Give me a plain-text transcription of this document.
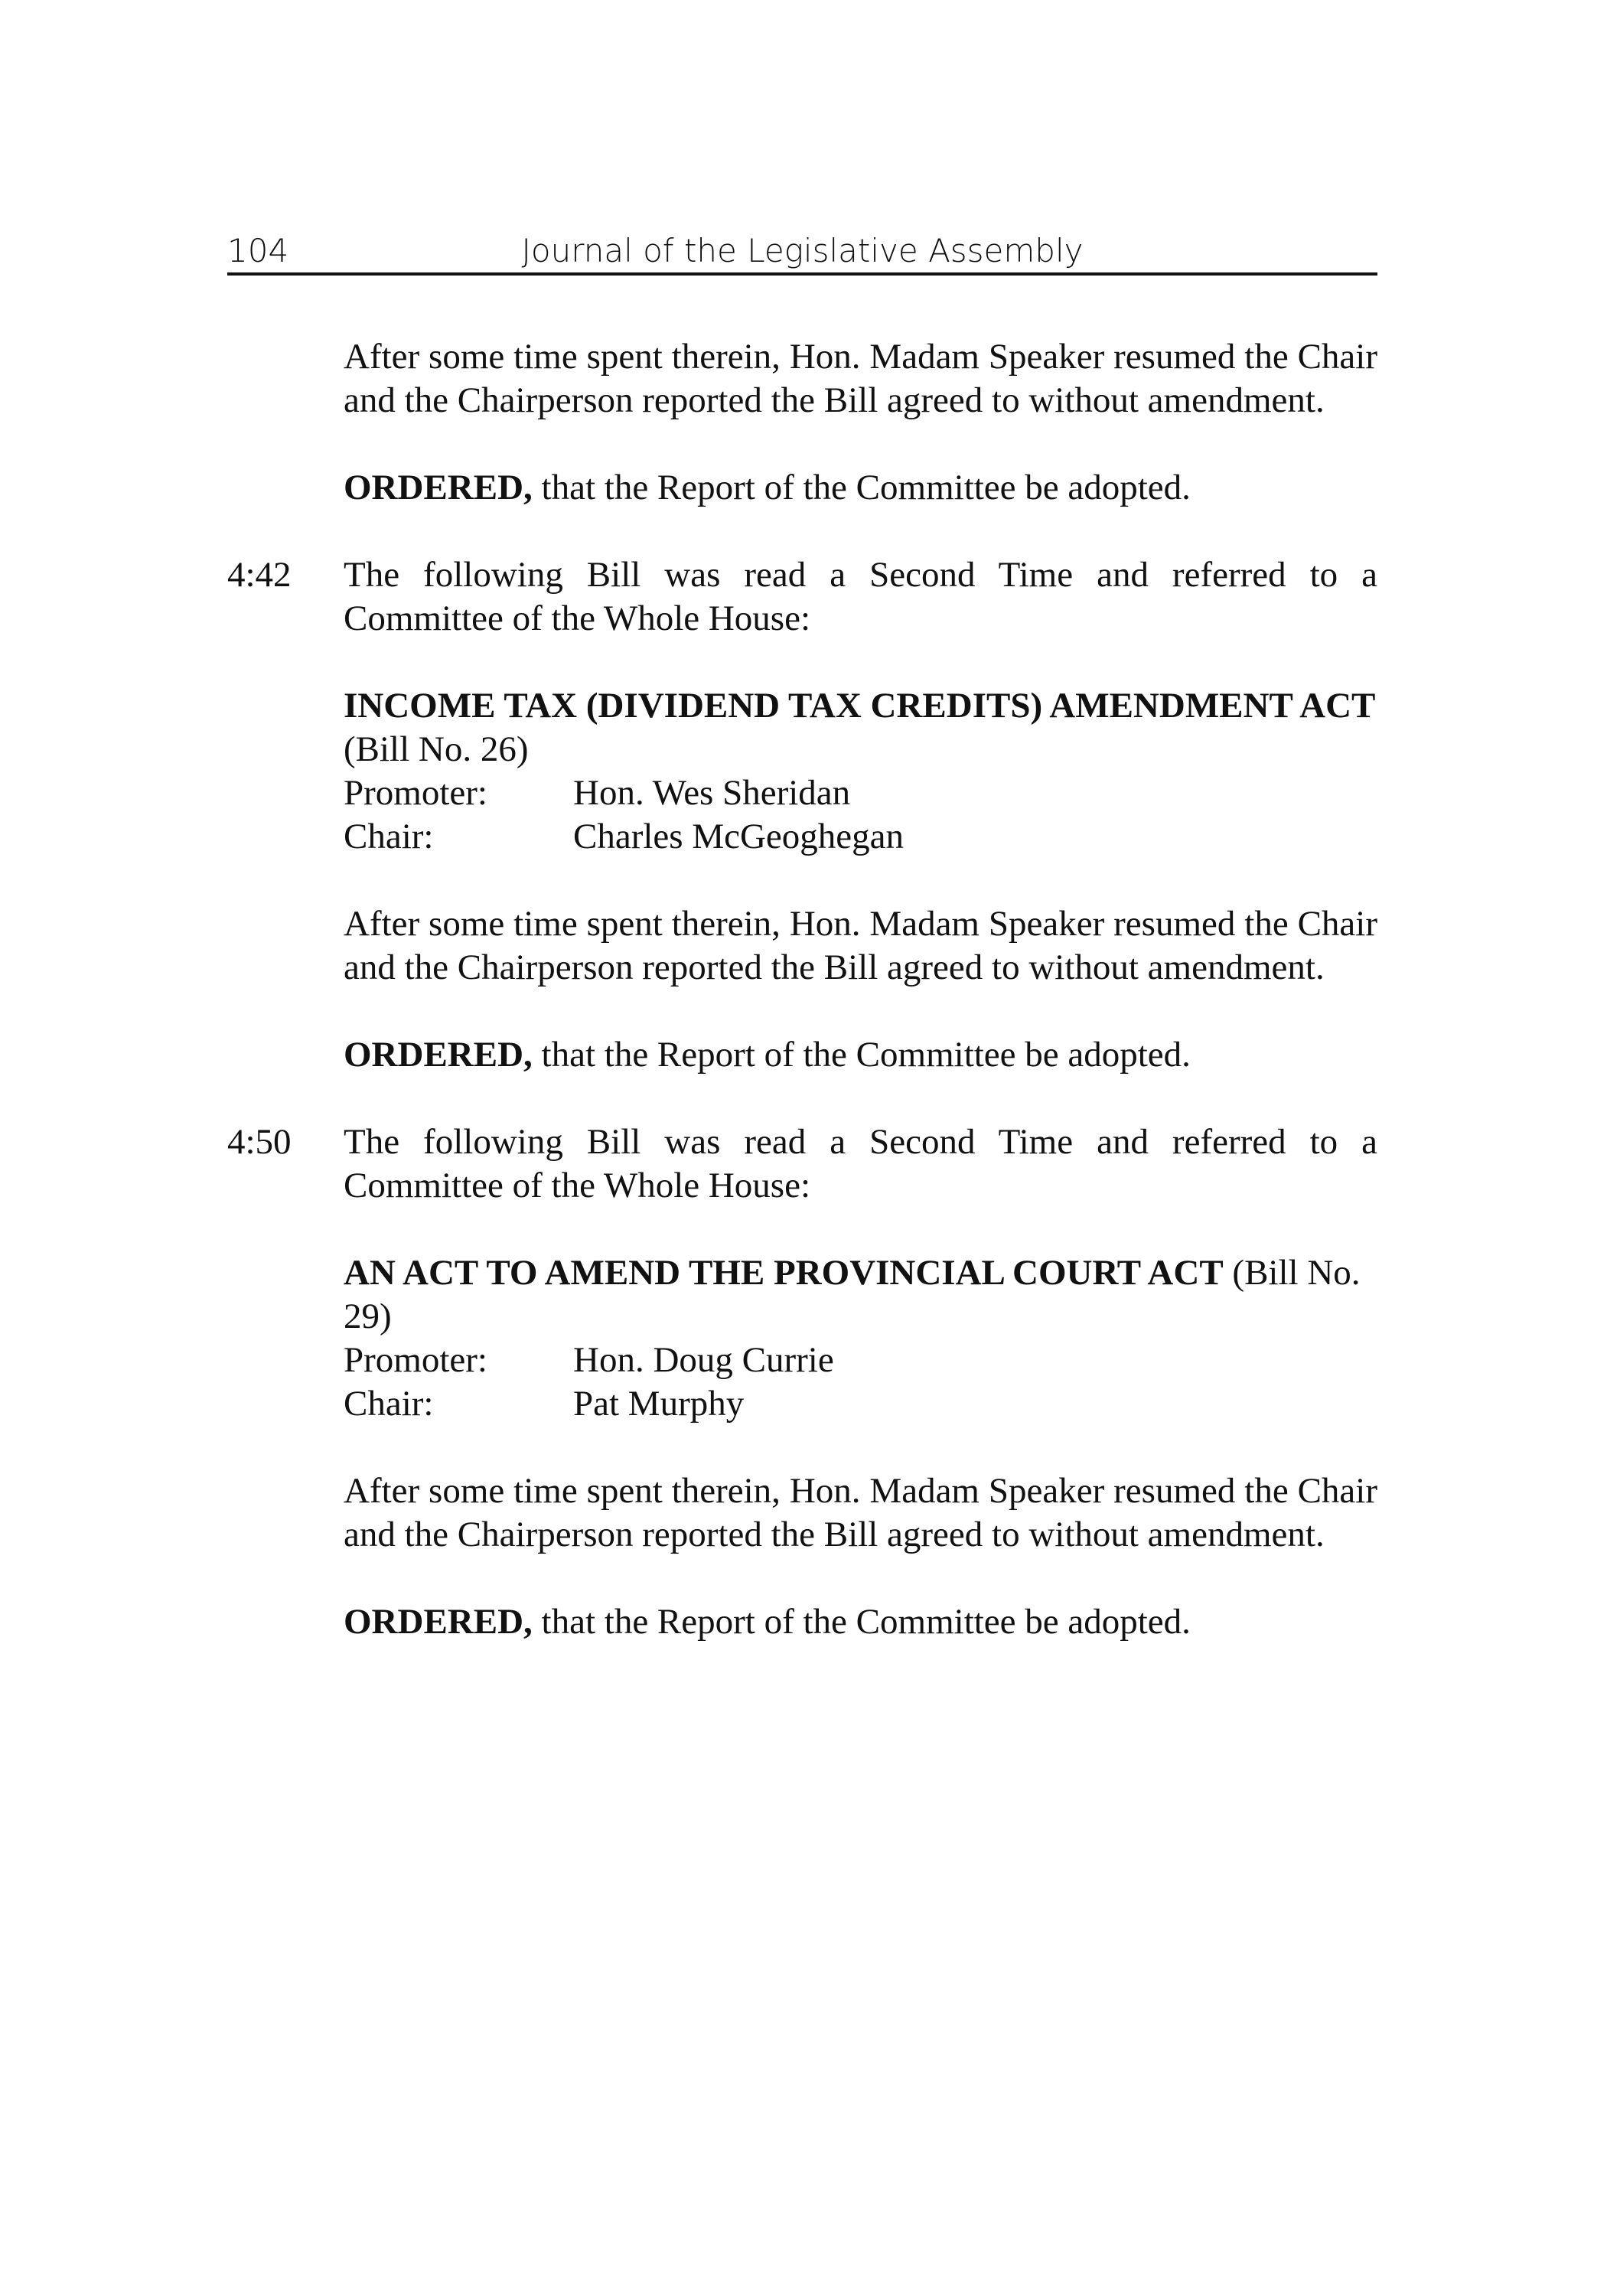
104	Journal of the Legislative Assembly

After some time spent therein, Hon. Madam Speaker resumed the Chair and the Chairperson reported the Bill agreed to without amendment.

ORDERED, that the Report of the Committee be adopted.

4:42 The following Bill was read a Second Time and referred to a Committee of the Whole House:

INCOME TAX (DIVIDEND TAX CREDITS) AMENDMENT ACT (Bill No. 26)

Promoter:	Hon. Wes Sheridan
Chair:	Charles McGeoghegan

After some time spent therein, Hon. Madam Speaker resumed the Chair and the Chairperson reported the Bill agreed to without amendment.

ORDERED, that the Report of the Committee be adopted.

4:50 The following Bill was read a Second Time and referred to a Committee of the Whole House:

AN ACT TO AMEND THE PROVINCIAL COURT ACT (Bill No. 29)

Promoter:	Hon. Doug Currie
Chair:	Pat Murphy

After some time spent therein, Hon. Madam Speaker resumed the Chair and the Chairperson reported the Bill agreed to without amendment.

ORDERED, that the Report of the Committee be adopted.
